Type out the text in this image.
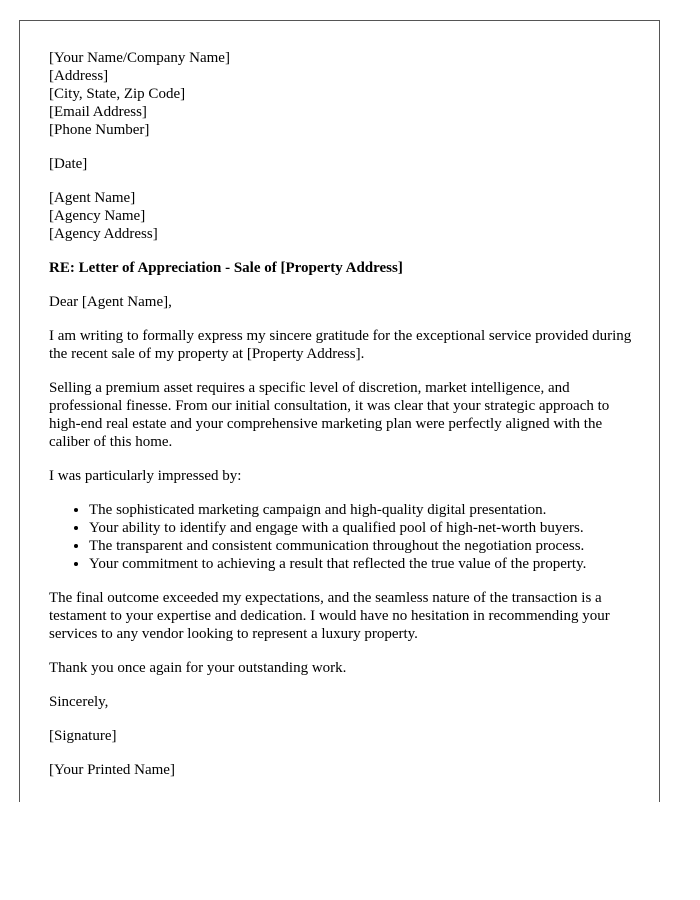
[Your Name/Company Name]
[Address]
[City, State, Zip Code]
[Email Address]
[Phone Number]
[Date]
[Agent Name]
[Agency Name]
[Agency Address]

RE: Letter of Appreciation - Sale of [Property Address]

Dear [Agent Name],

I am writing to formally express my sincere gratitude for the exceptional service provided during the recent sale of my property at [Property Address].

Selling a premium asset requires a specific level of discretion, market intelligence, and professional finesse. From our initial consultation, it was clear that your strategic approach to high-end real estate and your comprehensive marketing plan were perfectly aligned with the caliber of this home.

I was particularly impressed by:

• The sophisticated marketing campaign and high-quality digital presentation.
• Your ability to identify and engage with a qualified pool of high-net-worth buyers.
• The transparent and consistent communication throughout the negotiation process.
• Your commitment to achieving a result that reflected the true value of the property.

The final outcome exceeded my expectations, and the seamless nature of the transaction is a testament to your expertise and dedication. I would have no hesitation in recommending your services to any vendor looking to represent a luxury property.

Thank you once again for your outstanding work.

Sincerely,

[Signature]

[Your Printed Name]
